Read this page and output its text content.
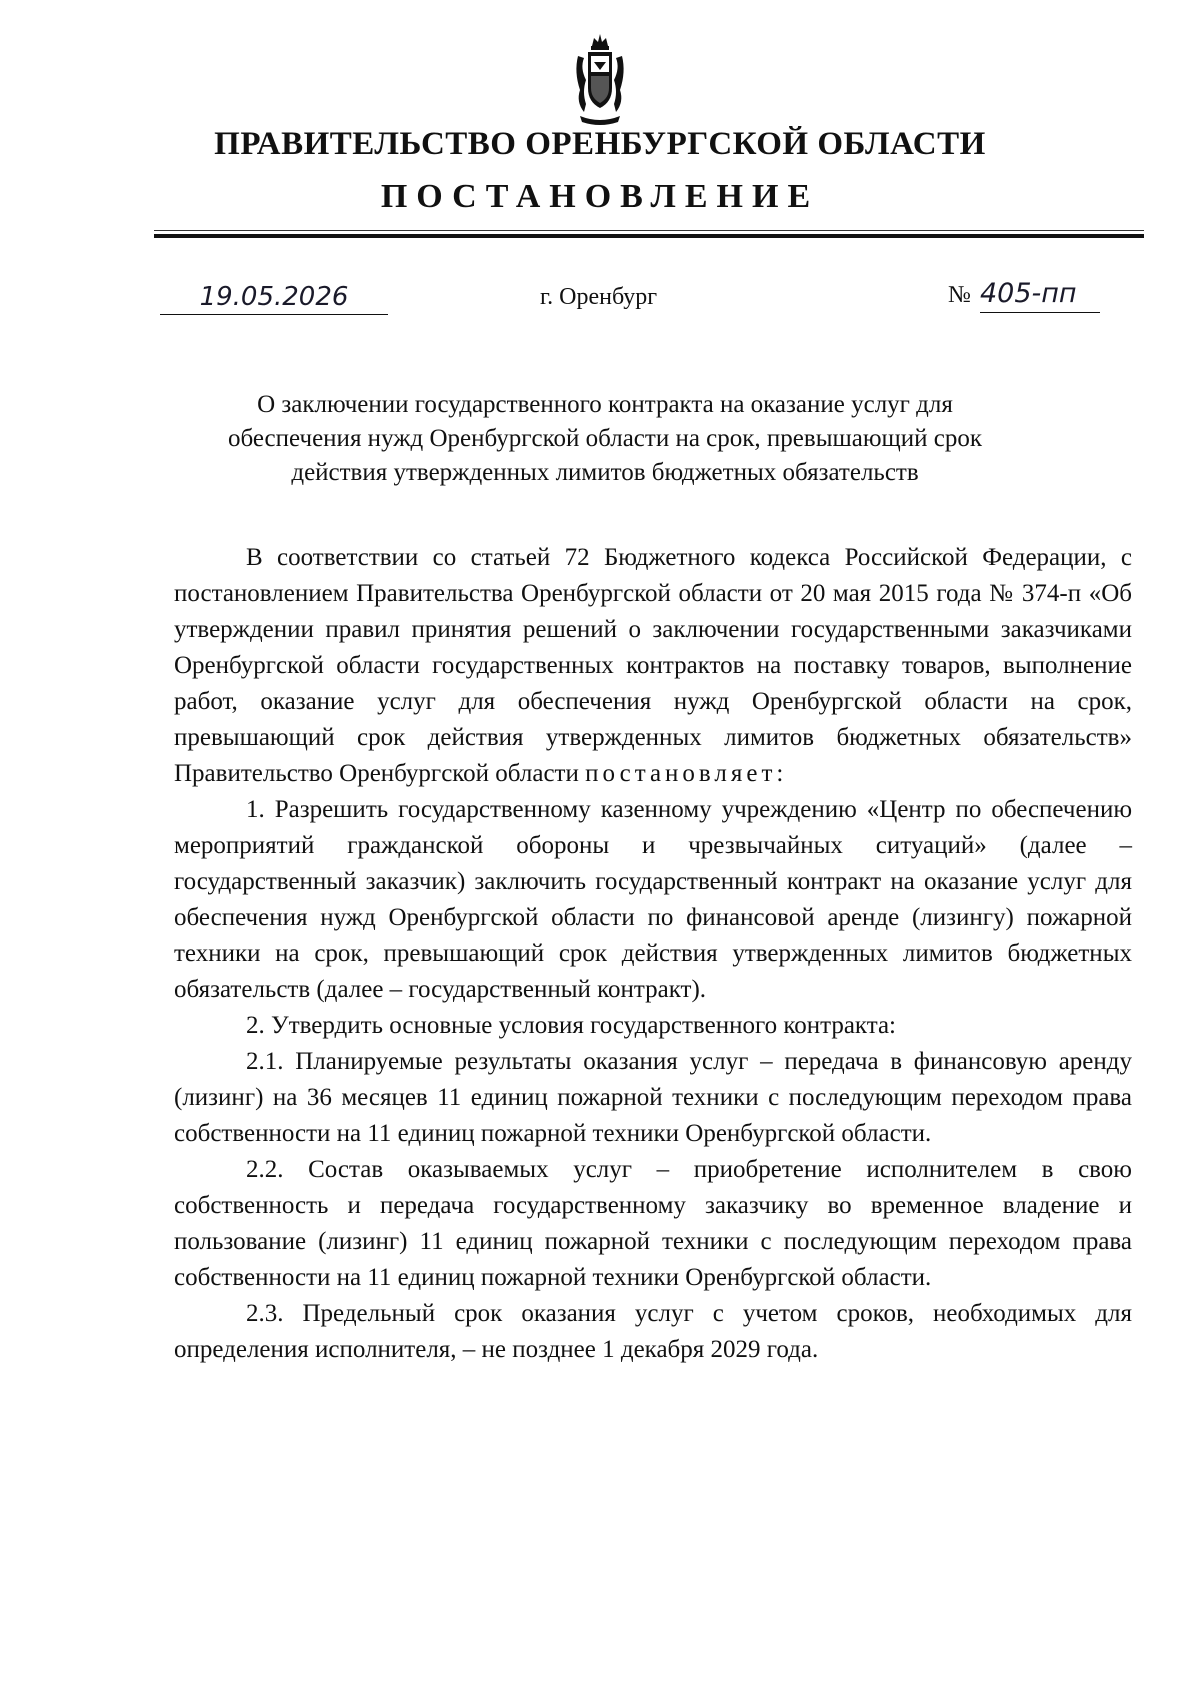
ПРАВИТЕЛЬСТВО ОРЕНБУРГСКОЙ ОБЛАСТИ
ПОСТАНОВЛЕНИЕ
19.05.2026	г. Оренбург	№ 405-пп
О заключении государственного контракта на оказание услуг для
обеспечения нужд Оренбургской области на срок, превышающий срок
действия утвержденных лимитов бюджетных обязательств

В соответствии со статьей 72 Бюджетного кодекса Российской Федерации, с постановлением Правительства Оренбургской области от 20 мая 2015 года № 374-п «Об утверждении правил принятия решений о заключении государственными заказчиками Оренбургской области государственных контрактов на поставку товаров, выполнение работ, оказание услуг для обеспечения нужд Оренбургской области на срок, превышающий срок действия утвержденных лимитов бюджетных обязательств» Правительство Оренбургской области постановляет:

1. Разрешить государственному казенному учреждению «Центр по обеспечению мероприятий гражданской обороны и чрезвычайных ситуаций» (далее – государственный заказчик) заключить государственный контракт на оказание услуг для обеспечения нужд Оренбургской области по финансовой аренде (лизингу) пожарной техники на срок, превышающий срок действия утвержденных лимитов бюджетных обязательств (далее – государственный контракт).

2. Утвердить основные условия государственного контракта:

2.1. Планируемые результаты оказания услуг – передача в финансовую аренду (лизинг) на 36 месяцев 11 единиц пожарной техники с последующим переходом права собственности на 11 единиц пожарной техники Оренбургской области.

2.2. Состав оказываемых услуг – приобретение исполнителем в свою собственность и передача государственному заказчику во временное владение и пользование (лизинг) 11 единиц пожарной техники с последующим переходом права собственности на 11 единиц пожарной техники Оренбургской области.

2.3. Предельный срок оказания услуг с учетом сроков, необходимых для определения исполнителя, – не позднее 1 декабря 2029 года.
